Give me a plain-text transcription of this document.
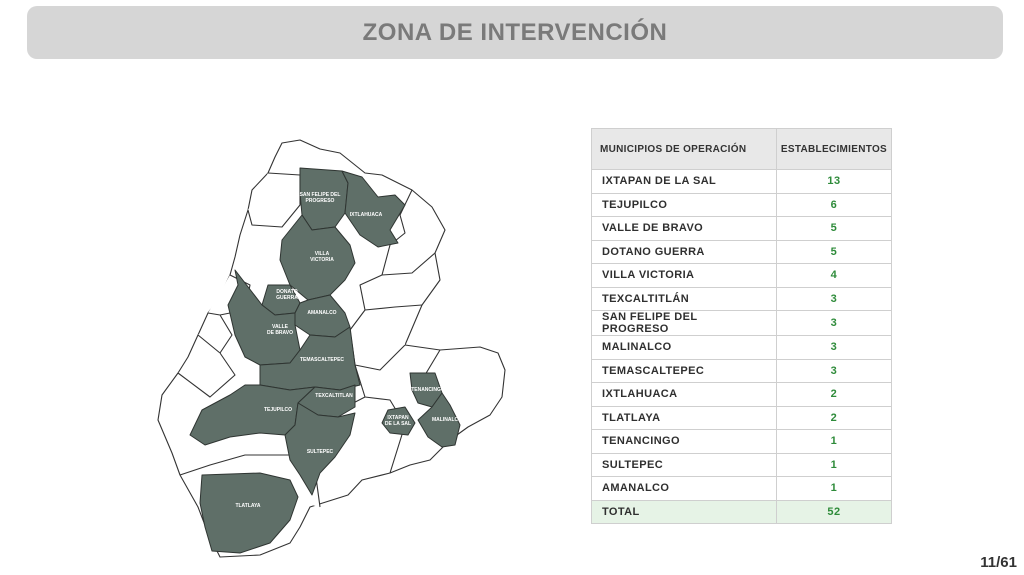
ZONA DE INTERVENCIÓN
SAN FELIPE DEL
PROGRESO
IXTLAHUACA
VILLA
VICTORIA
DONATO
GUERRA
AMANALCO
VALLE
DE BRAVO
TEMASCALTEPEC
TEXCALTITLAN
TEJUPILCO
SULTEPEC
IXTAPAN
DE LA SAL
TENANCINGO
MALINALCO
TLATLAYA
MUNICIPIOS DE OPERACIÓN	ESTABLECIMIENTOS
IXTAPAN DE LA SAL	13
TEJUPILCO	6
VALLE DE BRAVO	5
DOTANO GUERRA	5
VILLA VICTORIA	4
TEXCALTITLÁN	3
SAN FELIPE DEL PROGRESO	3
MALINALCO	3
TEMASCALTEPEC	3
IXTLAHUACA	2
TLATLAYA	2
TENANCINGO	1
SULTEPEC	1
AMANALCO	1
TOTAL	52
11/61
